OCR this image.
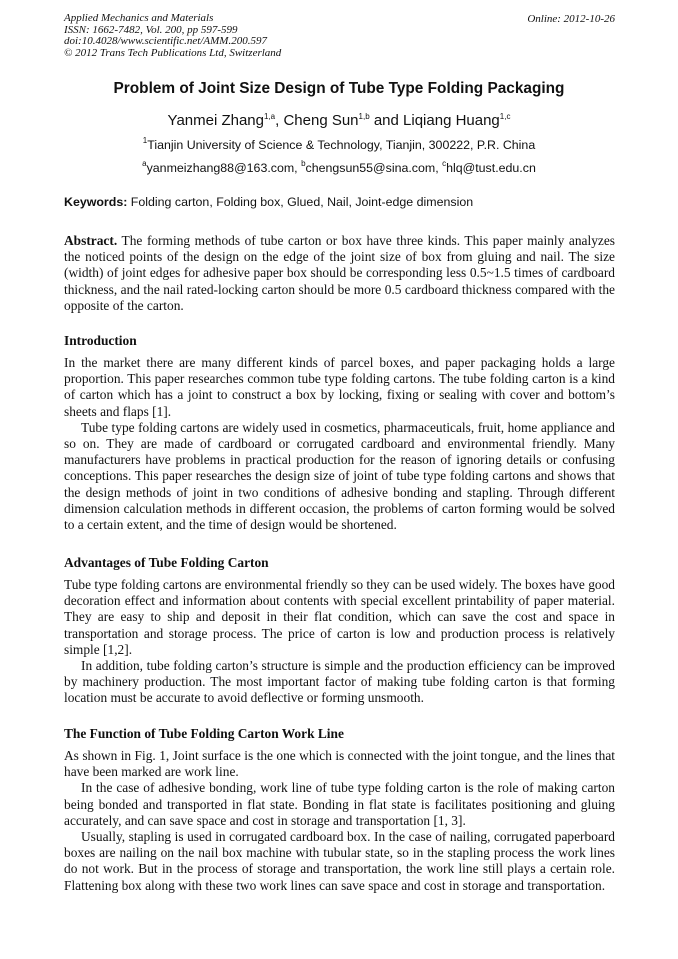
Applied Mechanics and Materials
ISSN: 1662-7482, Vol. 200, pp 597-599
doi:10.4028/www.scientific.net/AMM.200.597
© 2012 Trans Tech Publications Ltd, Switzerland
Online: 2012-10-26
Problem of Joint Size Design of Tube Type Folding Packaging
Yanmei Zhang$^{1,a}$, Cheng Sun$^{1,b}$ and Liqiang Huang$^{1,c}$
$^1$Tianjin University of Science & Technology, Tianjin, 300222, P.R. China
$^a$yanmeizhang88@163.com, $^b$chengsun55@sina.com, $^c$hlq@tust.edu.cn
Keywords: Folding carton, Folding box, Glued, Nail, Joint-edge dimension

Abstract. The forming methods of tube carton or box have three kinds. This paper mainly analyzes the noticed points of the design on the edge of the joint size of box from gluing and nail. The size (width) of joint edges for adhesive paper box should be corresponding less 0.5~1.5 times of cardboard thickness, and the nail rated-locking carton should be more 0.5 cardboard thickness compared with the opposite of the carton.

Introduction

In the market there are many different kinds of parcel boxes, and paper packaging holds a large proportion. This paper researches common tube type folding cartons. The tube folding carton is a kind of carton which has a joint to construct a box by locking, fixing or sealing with cover and bottom’s sheets and flaps [1].

Tube type folding cartons are widely used in cosmetics, pharmaceuticals, fruit, home appliance and so on. They are made of cardboard or corrugated cardboard and environmental friendly. Many manufacturers have problems in practical production for the reason of ignoring details or confusing conceptions. This paper researches the design size of joint of tube type folding cartons and shows that the design methods of joint in two conditions of adhesive bonding and stapling. Through different dimension calculation methods in different occasion, the problems of carton forming would be solved to a certain extent, and the time of design would be shortened.

Advantages of Tube Folding Carton

Tube type folding cartons are environmental friendly so they can be used widely. The boxes have good decoration effect and information about contents with special excellent printability of paper material. They are easy to ship and deposit in their flat condition, which can save the cost and space in transportation and storage process. The price of carton is low and production process is relatively simple [1,2].

In addition, tube folding carton’s structure is simple and the production efficiency can be improved by machinery production. The most important factor of making tube folding carton is that forming location must be accurate to avoid deflective or forming unsmooth.

The Function of Tube Folding Carton Work Line

As shown in Fig. 1, Joint surface is the one which is connected with the joint tongue, and the lines that have been marked are work line.

In the case of adhesive bonding, work line of tube type folding carton is the role of making carton being bonded and transported in flat state. Bonding in flat state is facilitates positioning and gluing accurately, and can save space and cost in storage and transportation [1, 3].

Usually, stapling is used in corrugated cardboard box. In the case of nailing, corrugated paperboard boxes are nailing on the nail box machine with tubular state, so in the stapling process the work lines do not work. But in the process of storage and transportation, the work line still plays a certain role. Flattening box along with these two work lines can save space and cost in storage and transportation.
